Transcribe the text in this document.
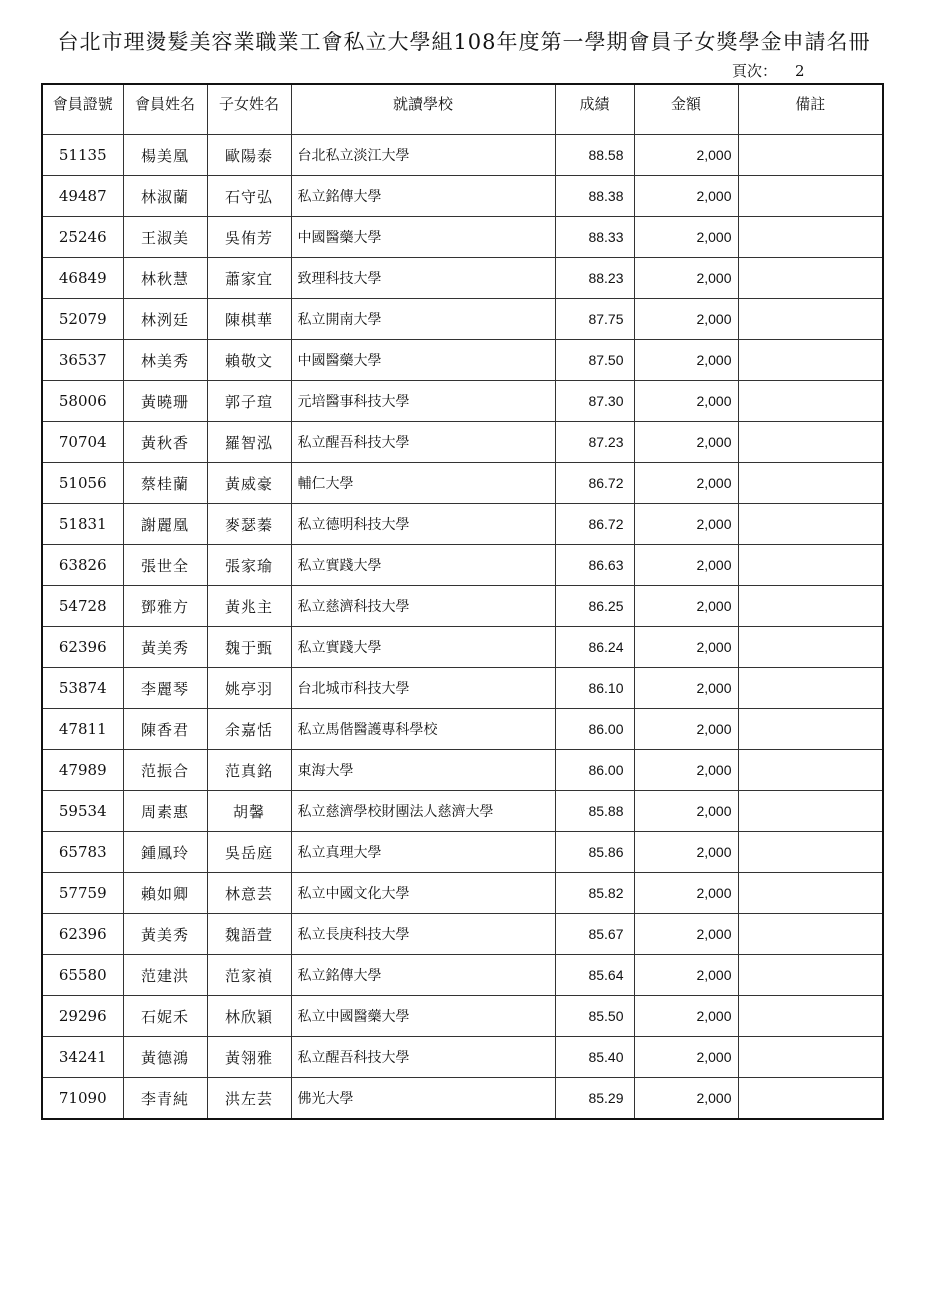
台北市理燙髮美容業職業工會私立大學組108年度第一學期會員子女獎學金申請名冊
頁次： 2
會員證號	會員姓名	子女姓名	就讀學校	成績	金額	備註
51135	楊美凰	歐陽泰	台北私立淡江大學	88.58	2,000	
49487	林淑蘭	石守弘	私立銘傳大學	88.38	2,000	
25246	王淑美	吳侑芳	中國醫藥大學	88.33	2,000	
46849	林秋慧	蕭家宜	致理科技大學	88.23	2,000	
52079	林洌廷	陳棋華	私立開南大學	87.75	2,000	
36537	林美秀	賴敬文	中國醫藥大學	87.50	2,000	
58006	黃曉珊	郭子瑄	元培醫事科技大學	87.30	2,000	
70704	黃秋香	羅智泓	私立醒吾科技大學	87.23	2,000	
51056	蔡桂蘭	黃威豪	輔仁大學	86.72	2,000	
51831	謝麗凰	麥瑟蓁	私立德明科技大學	86.72	2,000	
63826	張世全	張家瑜	私立實踐大學	86.63	2,000	
54728	鄧雅方	黃兆主	私立慈濟科技大學	86.25	2,000	
62396	黃美秀	魏于甄	私立實踐大學	86.24	2,000	
53874	李麗琴	姚亭羽	台北城市科技大學	86.10	2,000	
47811	陳香君	余嘉恬	私立馬偕醫護專科學校	86.00	2,000	
47989	范振合	范真銘	東海大學	86.00	2,000	
59534	周素惠	胡馨	私立慈濟學校財團法人慈濟大學	85.88	2,000	
65783	鍾鳳玲	吳岳庭	私立真理大學	85.86	2,000	
57759	賴如卿	林意芸	私立中國文化大學	85.82	2,000	
62396	黃美秀	魏語萱	私立長庚科技大學	85.67	2,000	
65580	范建洪	范家禎	私立銘傳大學	85.64	2,000	
29296	石妮禾	林欣穎	私立中國醫藥大學	85.50	2,000	
34241	黃德鴻	黃翎雅	私立醒吾科技大學	85.40	2,000	
71090	李青純	洪左芸	佛光大學	85.29	2,000	
